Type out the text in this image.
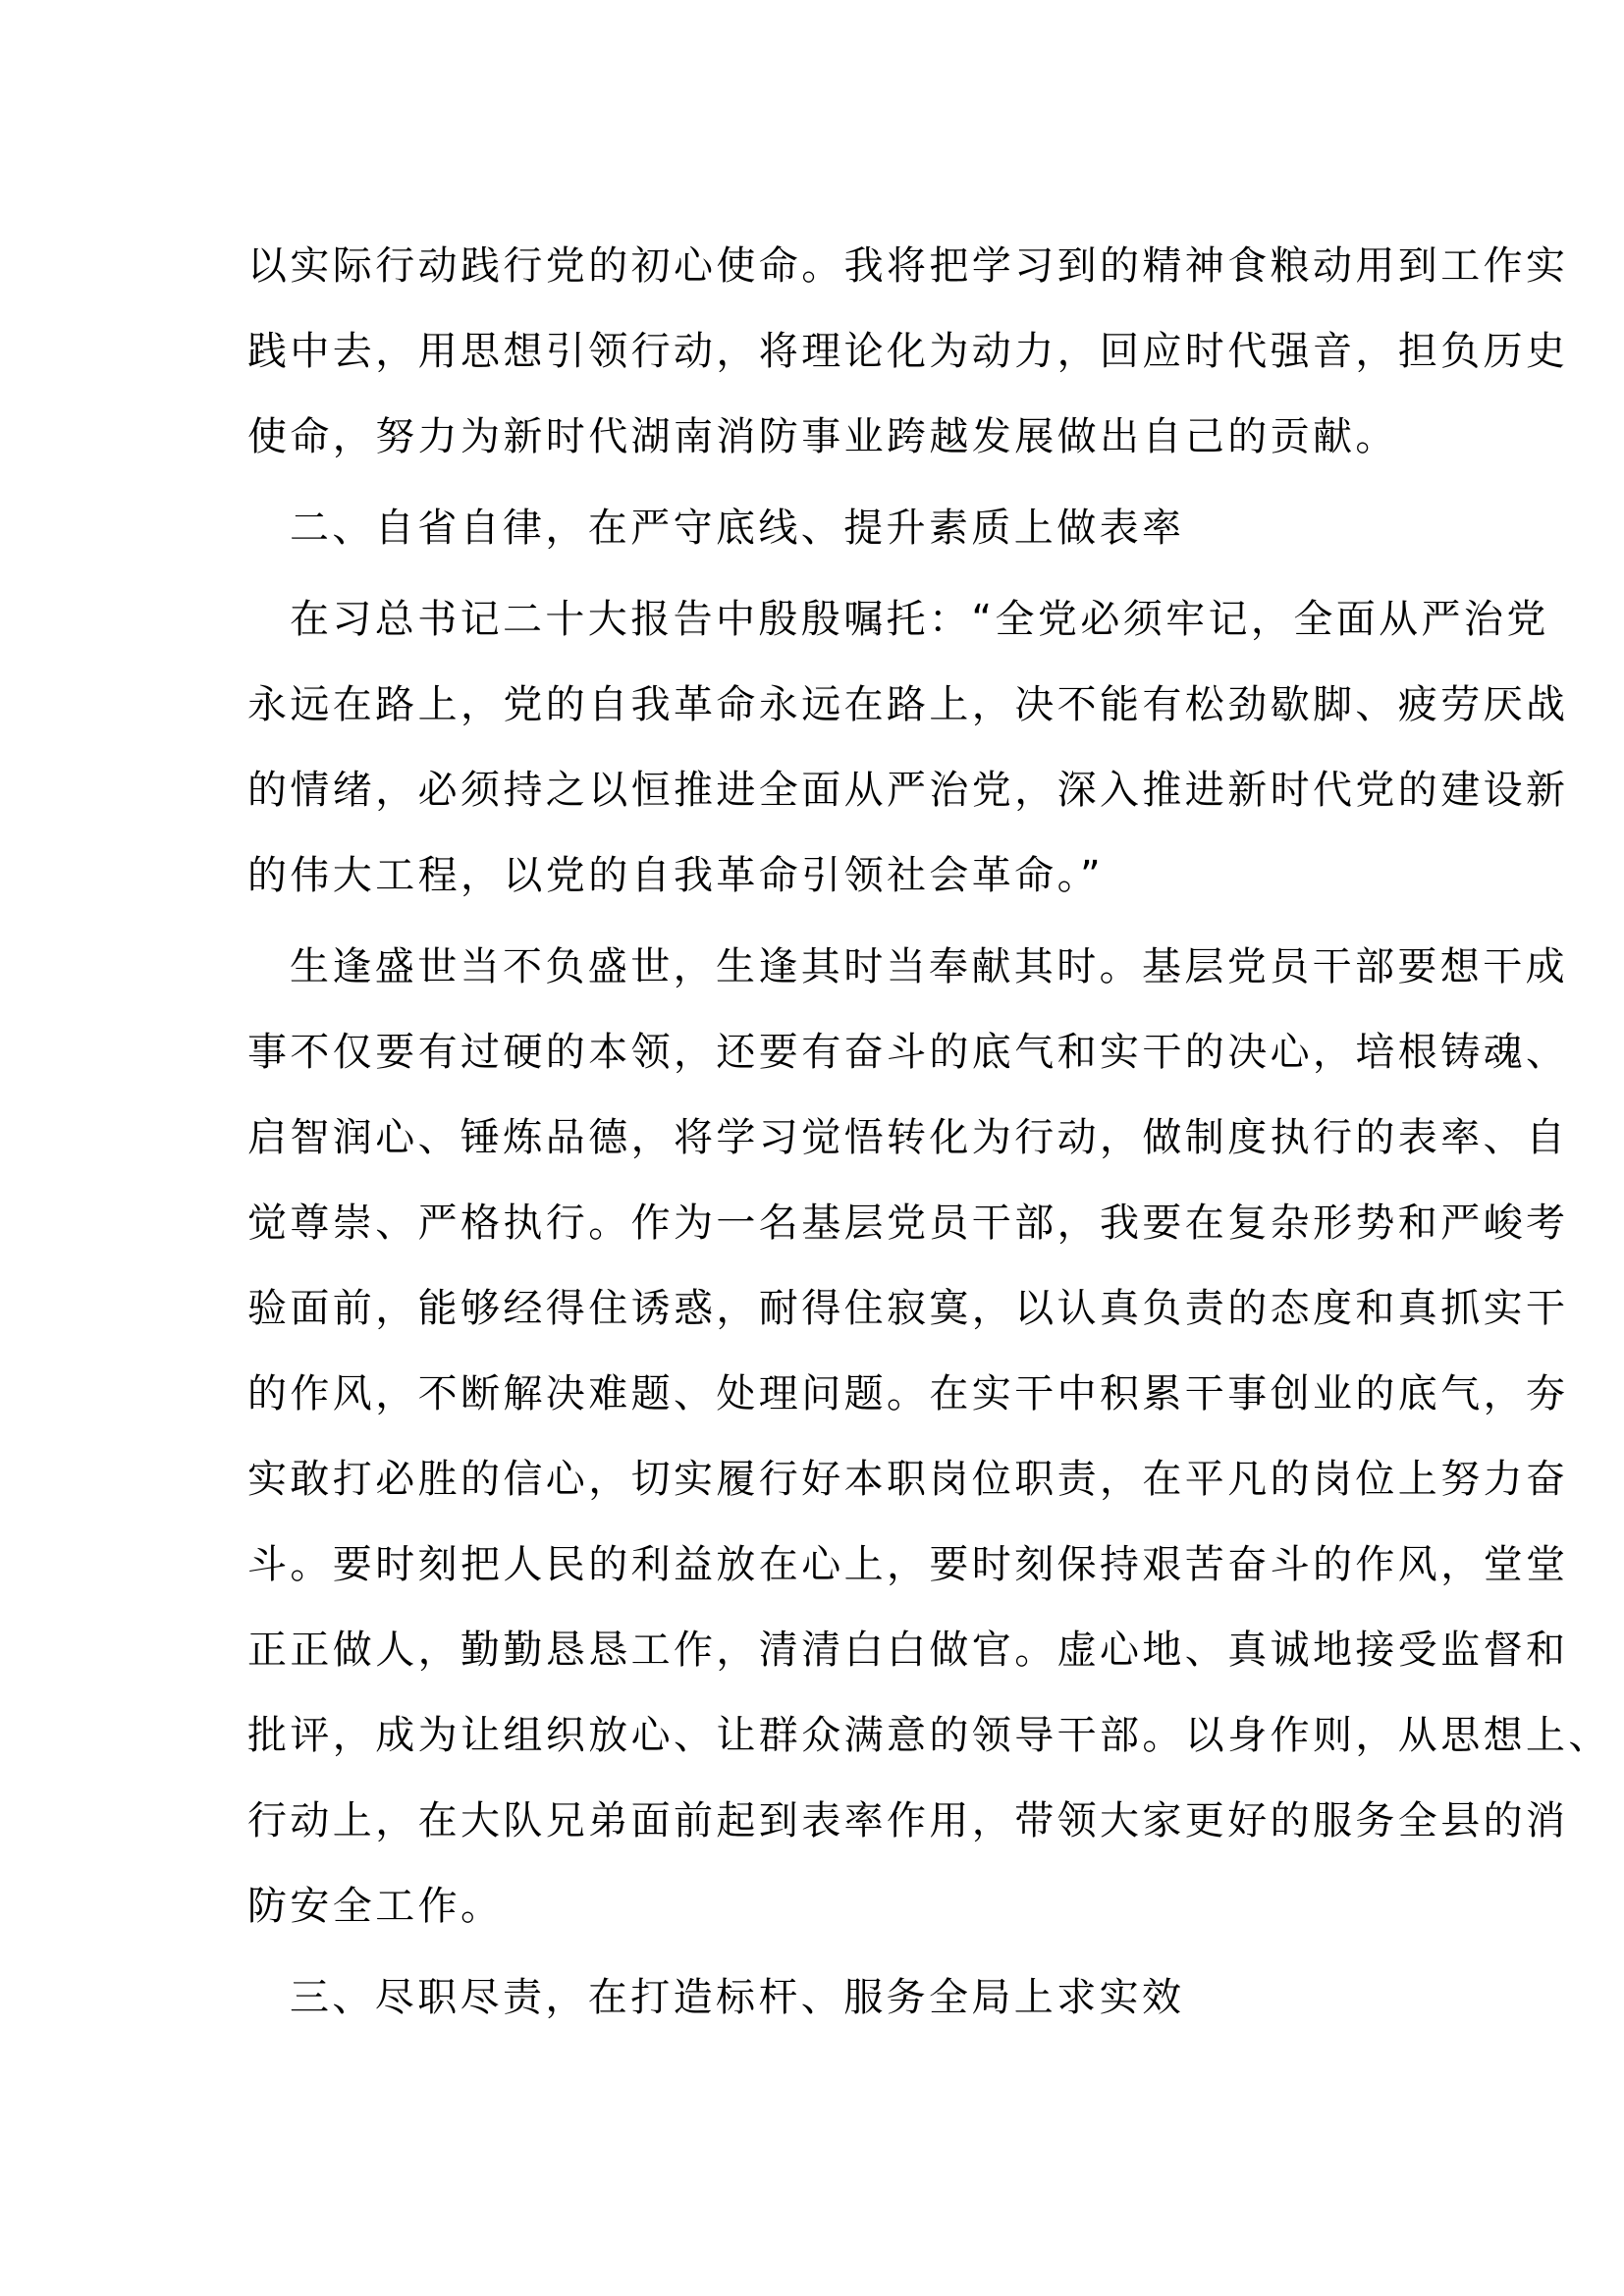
以实际行动践行党的初心使命。我将把学习到的精神食粮动用到工作实
践中去，用思想引领行动，将理论化为动力，回应时代强音，担负历史
使命，努力为新时代湖南消防事业跨越发展做出自己的贡献。
二、自省自律，在严守底线、提升素质上做表率
在习总书记二十大报告中殷殷嘱托：“全党必须牢记，全面从严治党
永远在路上，党的自我革命永远在路上，决不能有松劲歇脚、疲劳厌战
的情绪，必须持之以恒推进全面从严治党，深入推进新时代党的建设新
的伟大工程，以党的自我革命引领社会革命。”
生逢盛世当不负盛世，生逢其时当奉献其时。基层党员干部要想干成
事不仅要有过硬的本领，还要有奋斗的底气和实干的决心，培根铸魂、
启智润心、锤炼品德，将学习觉悟转化为行动，做制度执行的表率、自
觉尊崇、严格执行。作为一名基层党员干部，我要在复杂形势和严峻考
验面前，能够经得住诱惑，耐得住寂寞，以认真负责的态度和真抓实干
的作风，不断解决难题、处理问题。在实干中积累干事创业的底气，夯
实敢打必胜的信心，切实履行好本职岗位职责，在平凡的岗位上努力奋
斗。要时刻把人民的利益放在心上，要时刻保持艰苦奋斗的作风，堂堂
正正做人，勤勤恳恳工作，清清白白做官。虚心地、真诚地接受监督和
批评，成为让组织放心、让群众满意的领导干部。以身作则，从思想上、
行动上，在大队兄弟面前起到表率作用，带领大家更好的服务全县的消
防安全工作。
三、尽职尽责，在打造标杆、服务全局上求实效
